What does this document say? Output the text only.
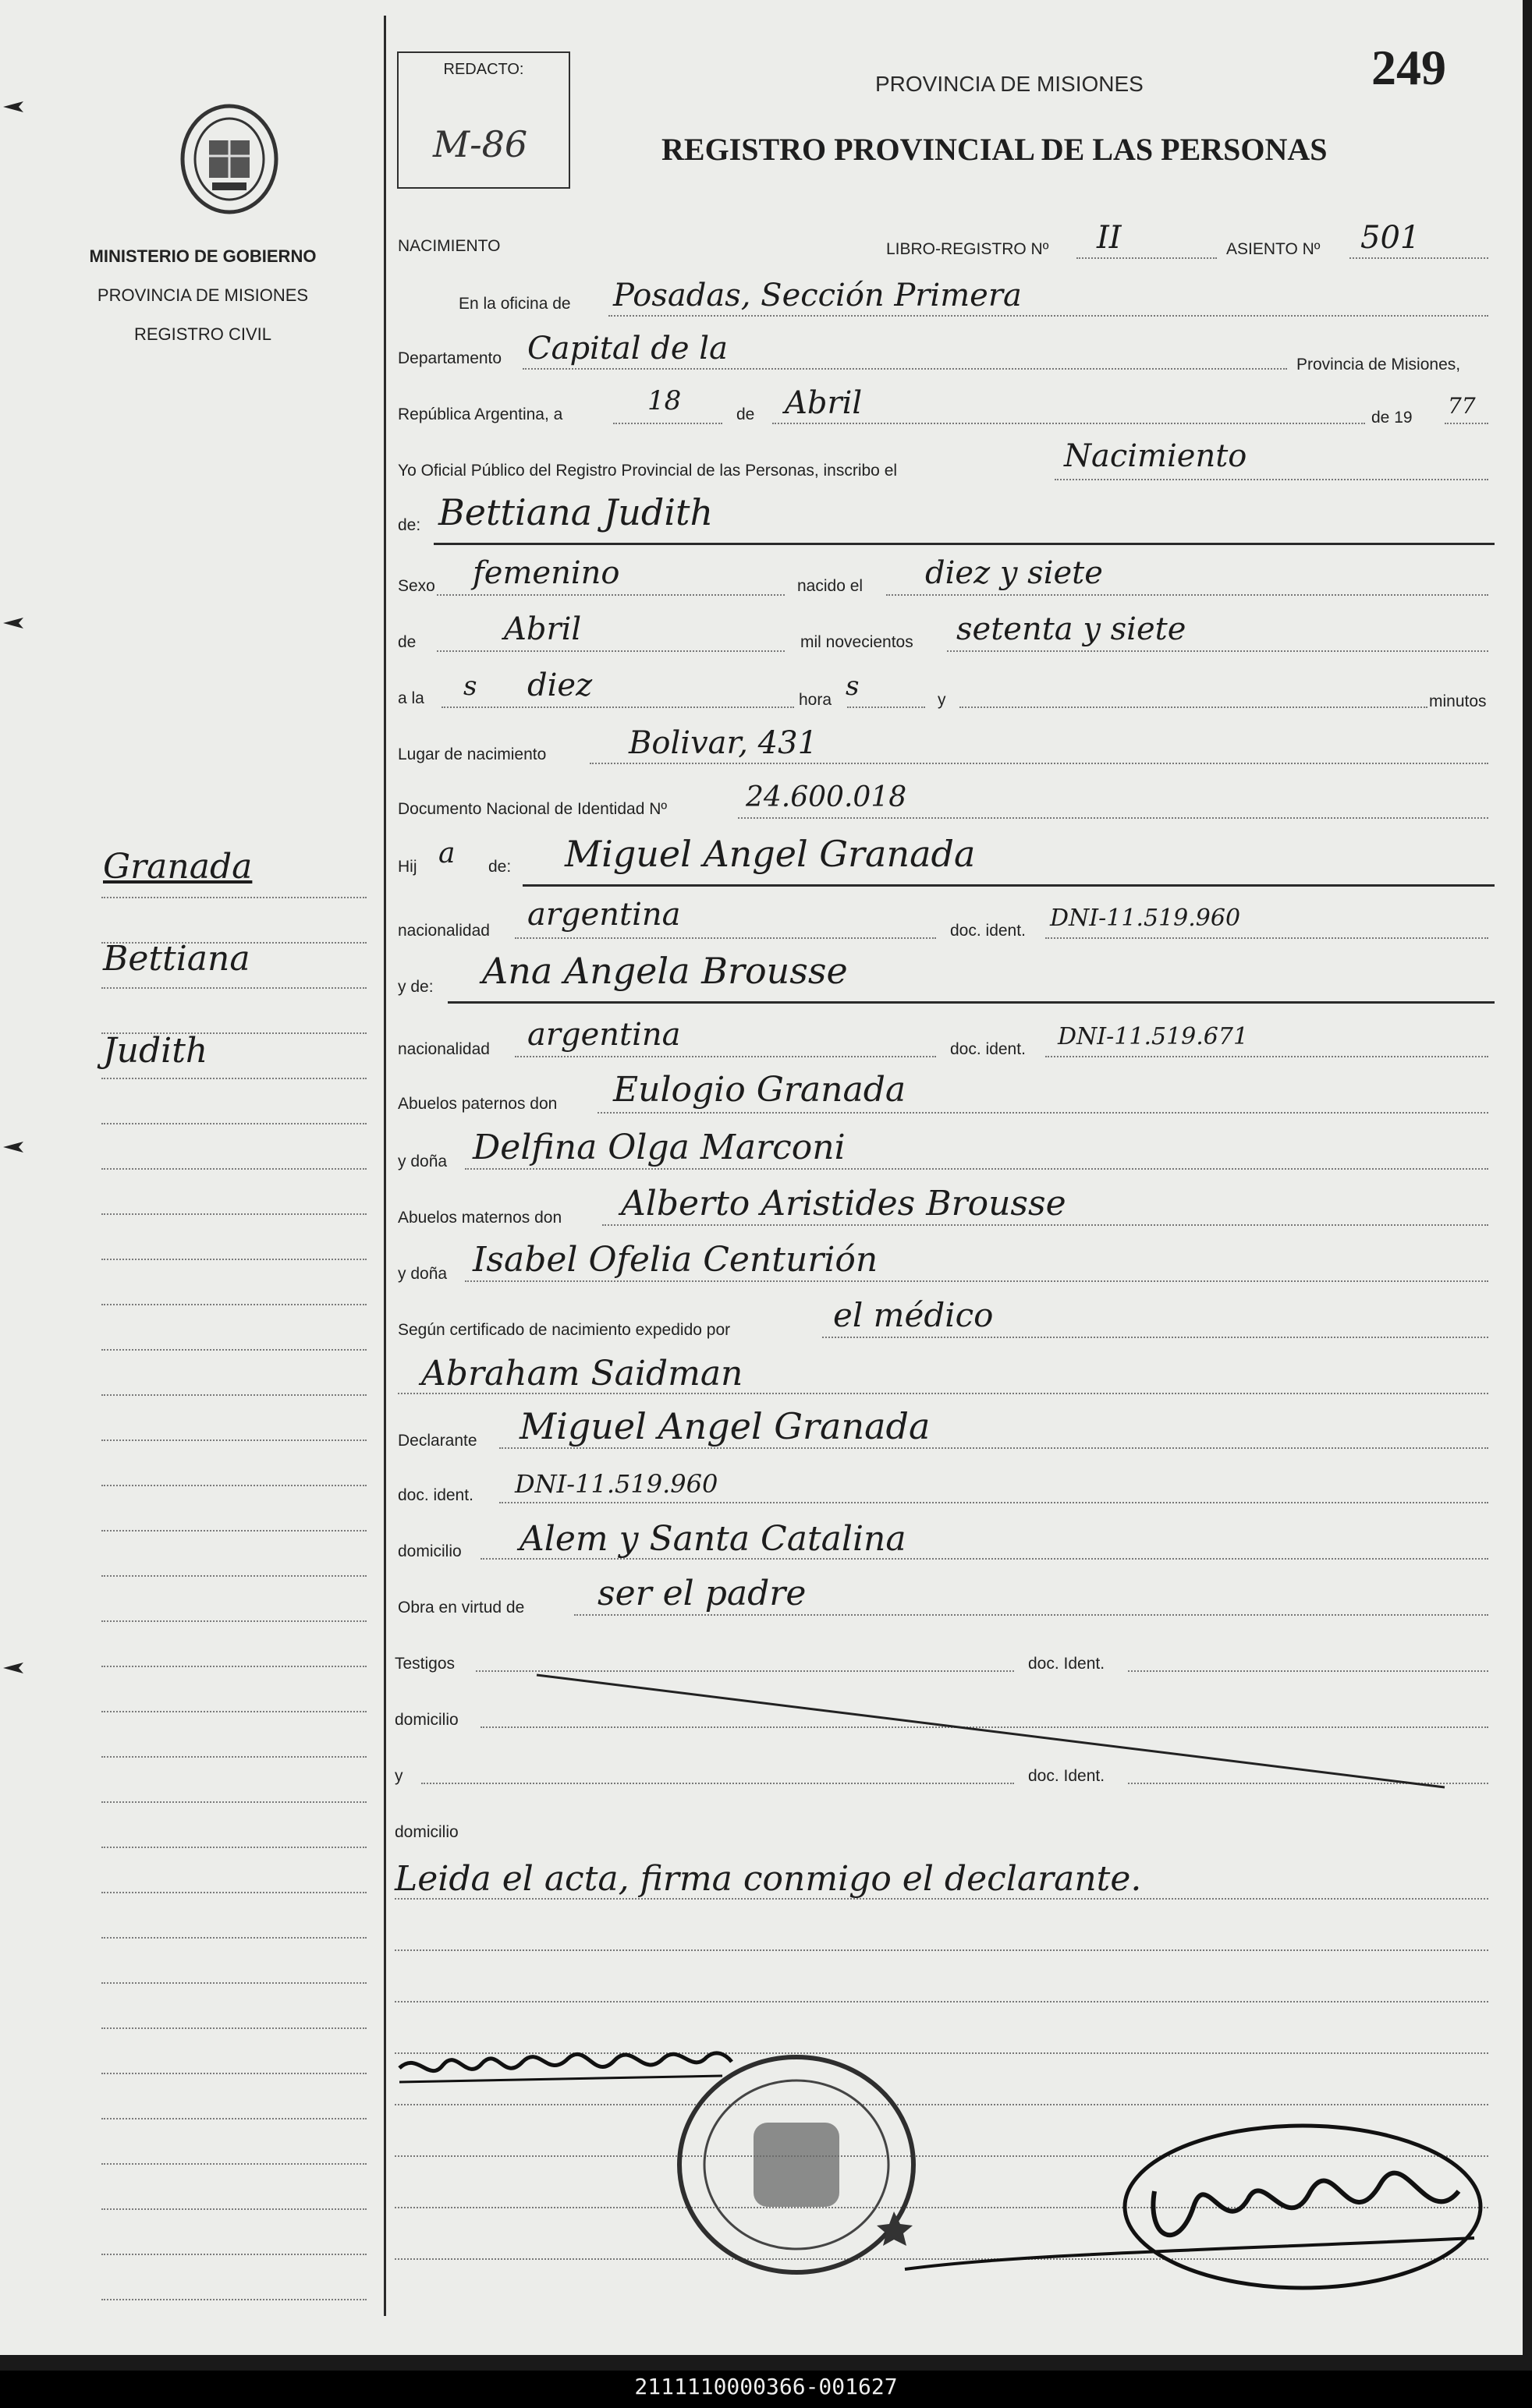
REDACTO:
M-86
249
PROVINCIA DE MISIONES
REGISTRO PROVINCIAL DE LAS PERSONAS
MINISTERIO DE GOBIERNO
PROVINCIA DE MISIONES
REGISTRO CIVIL
Granada
Bettiana
Judith
NACIMIENTO	LIBRO-REGISTRO Nº II	ASIENTO Nº 501
En la oficina de Posadas, Sección Primera
Departamento Capital de la	Provincia de Misiones,
República Argentina, a	18	de Abril	de 19 77
Yo Oficial Público del Registro Provincial de las Personas, inscribo el	Nacimiento
de: Bettiana Judith
Sexo femenino	nacido el diez y siete
de	Abril	mil novecientos setenta y siete
a la s diez	hora s	y	minutos
Lugar de nacimiento	Bolivar, 431
Documento Nacional de Identidad Nº	24.600.018
Hij a de: Miguel Angel Granada
nacionalidad argentina	doc. ident. DNI-11.519.960
y de: Ana Angela Brousse
nacionalidad argentina	doc. ident. DNI-11.519.671
Abuelos paternos don Eulogio Granada
y doña Delfina Olga Marconi
Abuelos maternos don Alberto Aristides Brousse
y doña Isabel Ofelia Centurión
Según certificado de nacimiento expedido por	el médico
Abraham Saidman
Declarante Miguel Angel Granada
doc. ident. DNI-11.519.960
domicilio Alem y Santa Catalina
Obra en virtud de ser el padre
Testigos	doc. Ident.
domicilio
y	doc. Ident.
domicilio
Leida el acta, firma conmigo el declarante.
2111110000366-001627
